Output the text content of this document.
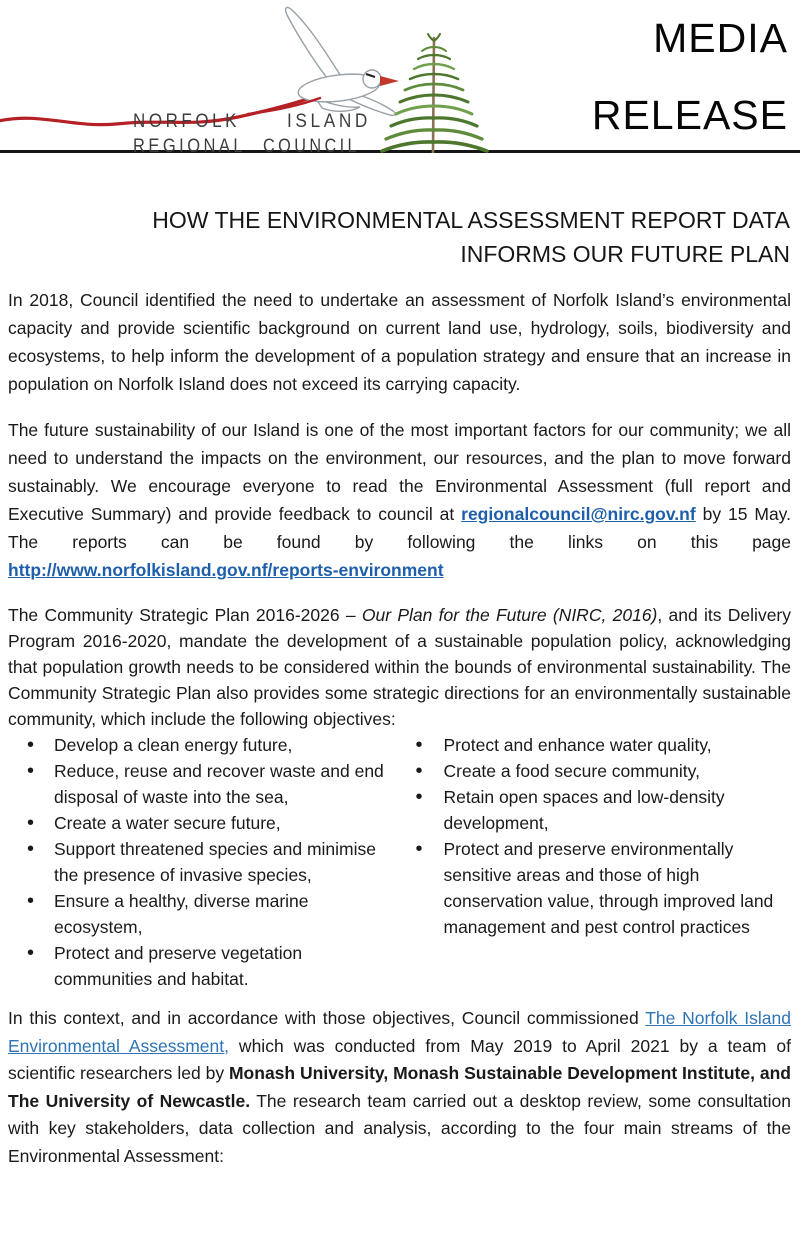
NORFOLK ISLAND
REGIONAL COUNCIL
MEDIA
RELEASE
HOW THE ENVIRONMENTAL ASSESSMENT REPORT DATA
INFORMS OUR FUTURE PLAN

In 2018, Council identified the need to undertake an assessment of Norfolk Island’s environmental capacity and provide scientific background on current land use, hydrology, soils, biodiversity and ecosystems, to help inform the development of a population strategy and ensure that an increase in population on Norfolk Island does not exceed its carrying capacity.

The future sustainability of our Island is one of the most important factors for our community; we all need to understand the impacts on the environment, our resources, and the plan to move forward sustainably. We encourage everyone to read the Environmental Assessment (full report and Executive Summary) and provide feedback to council at regionalcouncil@nirc.gov.nf by 15 May. The reports can be found by following the links on this page http://www.norfolkisland.gov.nf/reports-environment

The Community Strategic Plan 2016-2026 – Our Plan for the Future (NIRC, 2016), and its Delivery Program 2016-2020, mandate the development of a sustainable population policy, acknowledging that population growth needs to be considered within the bounds of environmental sustainability. The Community Strategic Plan also provides some strategic directions for an environmentally sustainable community, which include the following objectives:

• Develop a clean energy future,
• Reduce, reuse and recover waste and end disposal of waste into the sea,
• Create a water secure future,
• Support threatened species and minimise the presence of invasive species,
• Ensure a healthy, diverse marine ecosystem,
• Protect and preserve vegetation communities and habitat.
• Protect and enhance water quality,
• Create a food secure community,
• Retain open spaces and low-density development,
• Protect and preserve environmentally sensitive areas and those of high conservation value, through improved land management and pest control practices

In this context, and in accordance with those objectives, Council commissioned The Norfolk Island Environmental Assessment, which was conducted from May 2019 to April 2021 by a team of scientific researchers led by Monash University, Monash Sustainable Development Institute, and The University of Newcastle. The research team carried out a desktop review, some consultation with key stakeholders, data collection and analysis, according to the four main streams of the Environmental Assessment:
